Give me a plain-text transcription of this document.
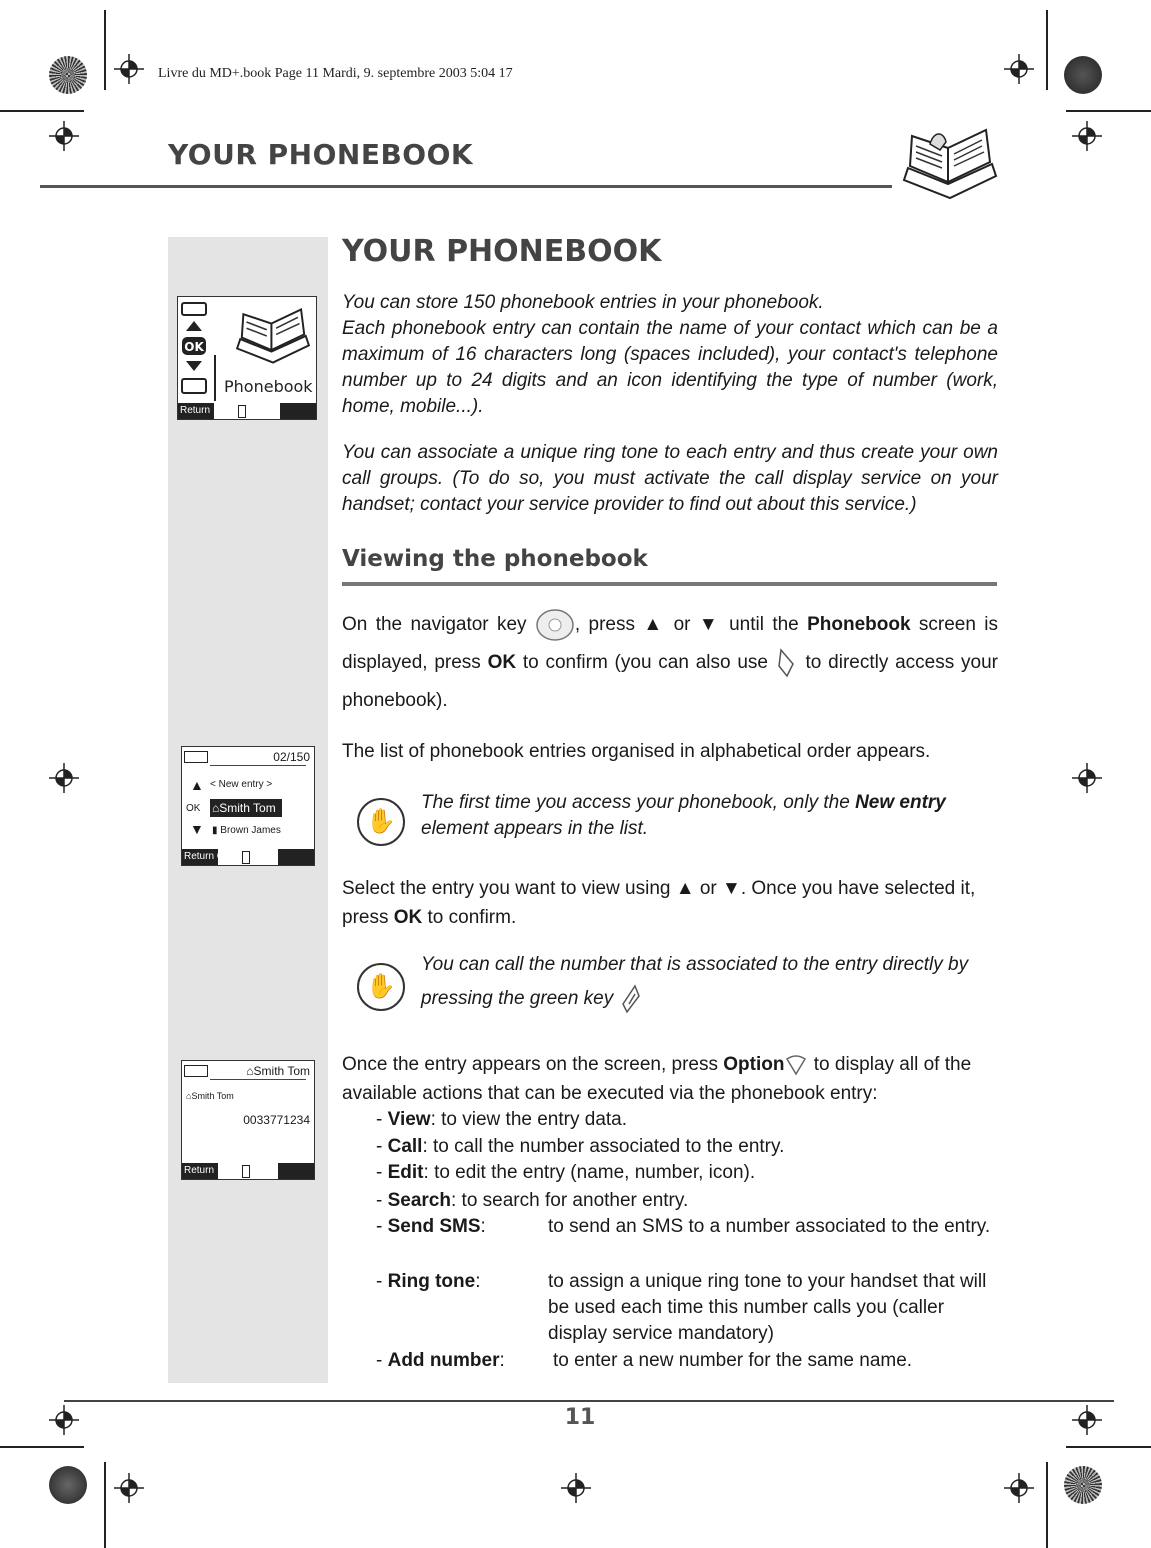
Livre du MD+.book Page 11 Mardi, 9. septembre 2003 5:04 17
YOUR PHONEBOOK
OK
Phonebook
Return
02/150
▲ < New entry >
OK ⌂Smith Tom
▼ ▮ Brown James
Return C
⌂Smith Tom
⌂Smith Tom
0033771234
Return
YOUR PHONEBOOK
You can store 150 phonebook entries in your phonebook.
Each phonebook entry can contain the name of your contact which can be a maximum of 16 characters long (spaces included), your contact's telephone number up to 24 digits and an icon identifying the type of number (work, home, mobile...).
You can associate a unique ring tone to each entry and thus create your own call groups. (To do so, you must activate the call display service on your handset; contact your service provider to find out about this service.)
Viewing the phonebook
On the navigator key , press ▲ or ▼ until the Phonebook screen is displayed, press OK to confirm (you can also use  to directly access your phonebook).
The list of phonebook entries organised in alphabetical order appears.
✋
The first time you access your phonebook, only the New entry element appears in the list.
Select the entry you want to view using ▲ or ▼. Once you have selected it, press OK to confirm.
✋
You can call the number that is associated to the entry directly by pressing the green key
Once the entry appears on the screen, press Option to display all of the available actions that can be executed via the phonebook entry:
- View: to view the entry data.
- Call: to call the number associated to the entry.
- Edit: to edit the entry (name, number, icon).
- Search: to search for another entry.
- Send SMS:	to send an SMS to a number associated to the entry.
- Ring tone:	to assign a unique ring tone to your handset that will be used each time this number calls you (caller display service mandatory)
- Add number:	to enter a new number for the same name.
11
